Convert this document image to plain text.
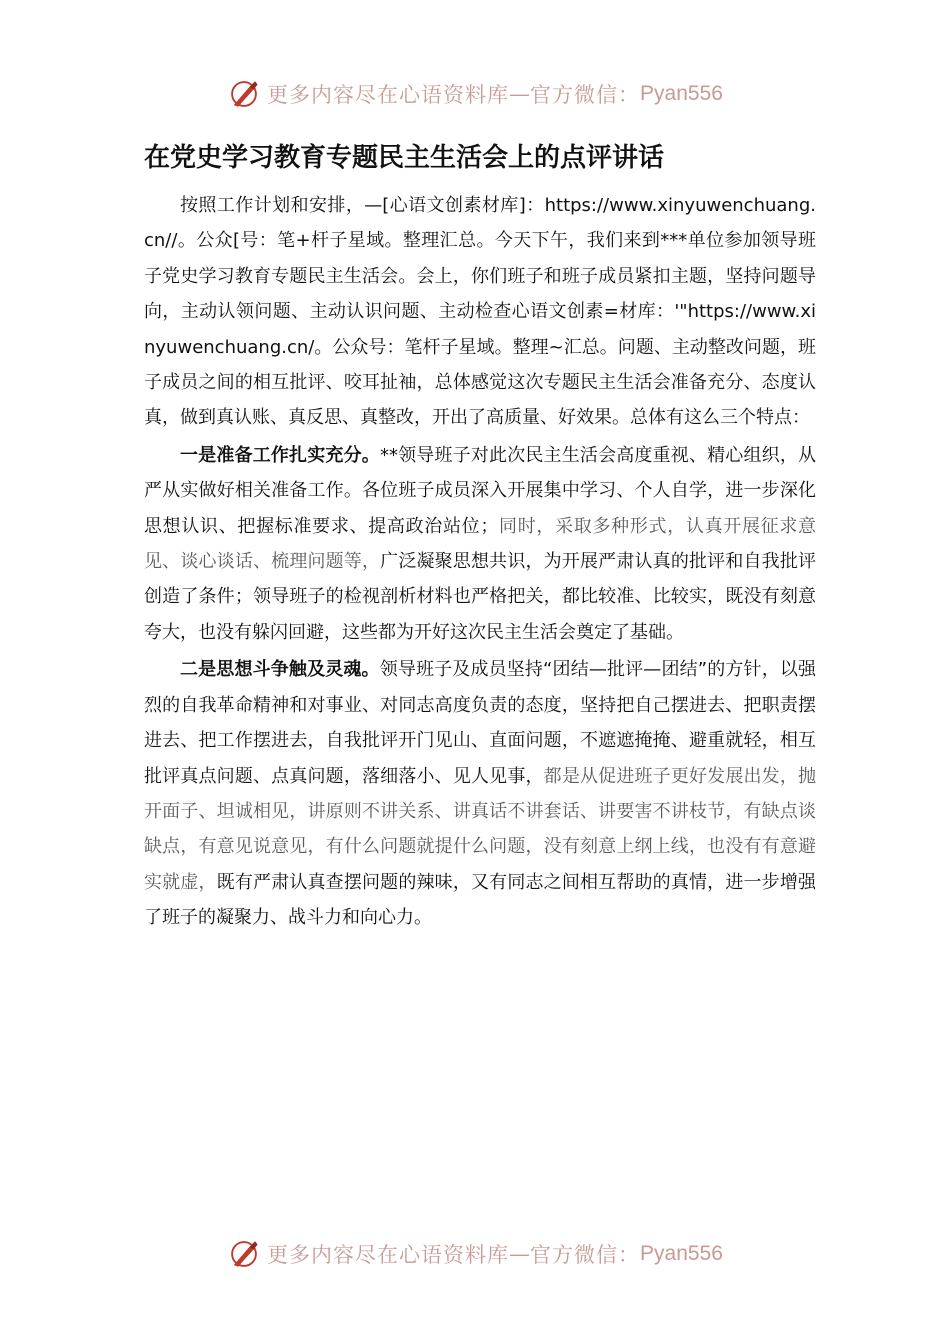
更多内容尽在心语资料库 — 官方微信： Pyan556
在党史学习教育专题民主生活会上的点评讲话

按照工作计划和安排，—[心语文创素材库]：https://www.xinyuwenchuang.cn//。公众[号：笔+杆子星域。整理汇总。今天下午，我们来到***单位参加领导班子党史学习教育专题民主生活会。会上，你们班子和班子成员紧扣主题，坚持问题导向，主动认领问题、主动认识问题、主动检查心语文创素=材库：'"https://www.xinyuwenchuang.cn/。公众号：笔杆子星域。整理~汇总。问题、主动整改问题，班子成员之间的相互批评、咬耳扯袖，总体感觉这次专题民主生活会准备充分、态度认真，做到真认账、真反思、真整改，开出了高质量、好效果。总体有这么三个特点：

一是准备工作扎实充分。**领导班子对此次民主生活会高度重视、精心组织，从严从实做好相关准备工作。各位班子成员深入开展集中学习、个人自学，进一步深化思想认识、把握标准要求、提高政治站位；同时，采取多种形式，认真开展征求意见、谈心谈话、梳理问题等，广泛凝聚思想共识，为开展严肃认真的批评和自我批评创造了条件；领导班子的检视剖析材料也严格把关，都比较准、比较实，既没有刻意夸大，也没有躲闪回避，这些都为开好这次民主生活会奠定了基础。

二是思想斗争触及灵魂。领导班子及成员坚持“团结—批评—团结”的方针，以强烈的自我革命精神和对事业、对同志高度负责的态度，坚持把自己摆进去、把职责摆进去、把工作摆进去，自我批评开门见山、直面问题，不遮遮掩掩、避重就轻，相互批评真点问题、点真问题，落细落小、见人见事，都是从促进班子更好发展出发，抛开面子、坦诚相见，讲原则不讲关系、讲真话不讲套话、讲要害不讲枝节，有缺点谈缺点，有意见说意见，有什么问题就提什么问题，没有刻意上纲上线，也没有有意避实就虚，既有严肃认真查摆问题的辣味，又有同志之间相互帮助的真情，进一步增强了班子的凝聚力、战斗力和向心力。

更多内容尽在心语资料库 — 官方微信： Pyan556
